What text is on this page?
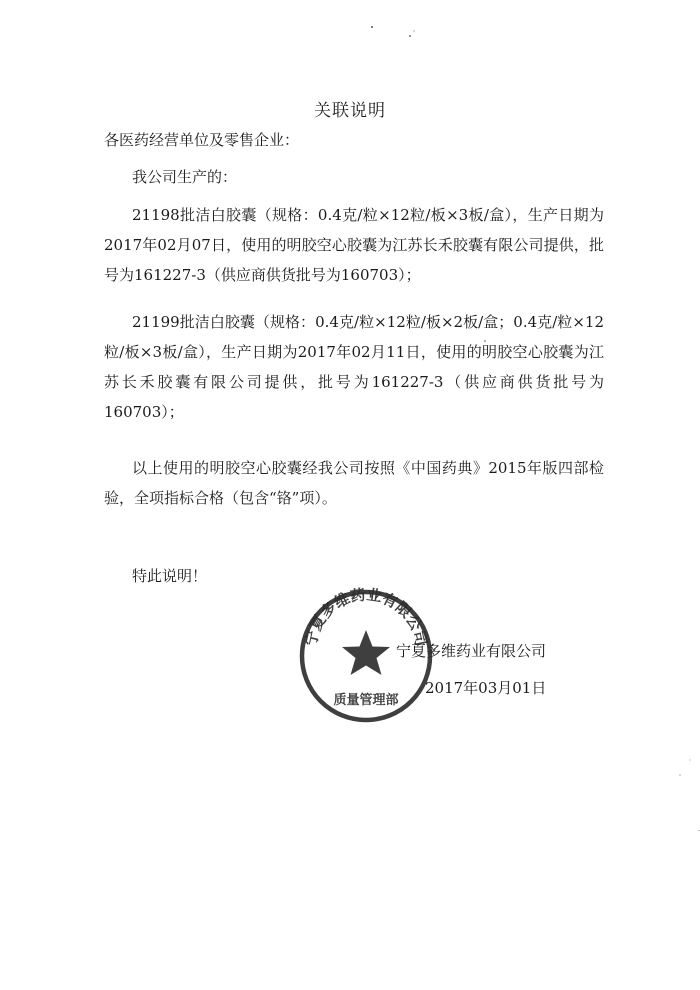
关联说明

各医药经营单位及零售企业：

我公司生产的：

21198批洁白胶囊（规格：0.4克/粒×12粒/板×3板/盒），生产日期为2017年02月07日，使用的明胶空心胶囊为江苏长禾胶囊有限公司提供，批号为161227-3（供应商供货批号为160703）；

21199批洁白胶囊（规格：0.4克/粒×12粒/板×2板/盒；0.4克/粒×12粒/板×3板/盒），生产日期为2017年02月11日，使用的明胶空心胶囊为江苏长禾胶囊有限公司提供，批号为161227-3（供应商供货批号为160703）；

以上使用的明胶空心胶囊经我公司按照《中国药典》2015年版四部检验，全项指标合格（包含“铬”项）。

特此说明！

宁夏多维药业有限公司
质量管理部
宁夏多维药业有限公司
2017年03月01日
